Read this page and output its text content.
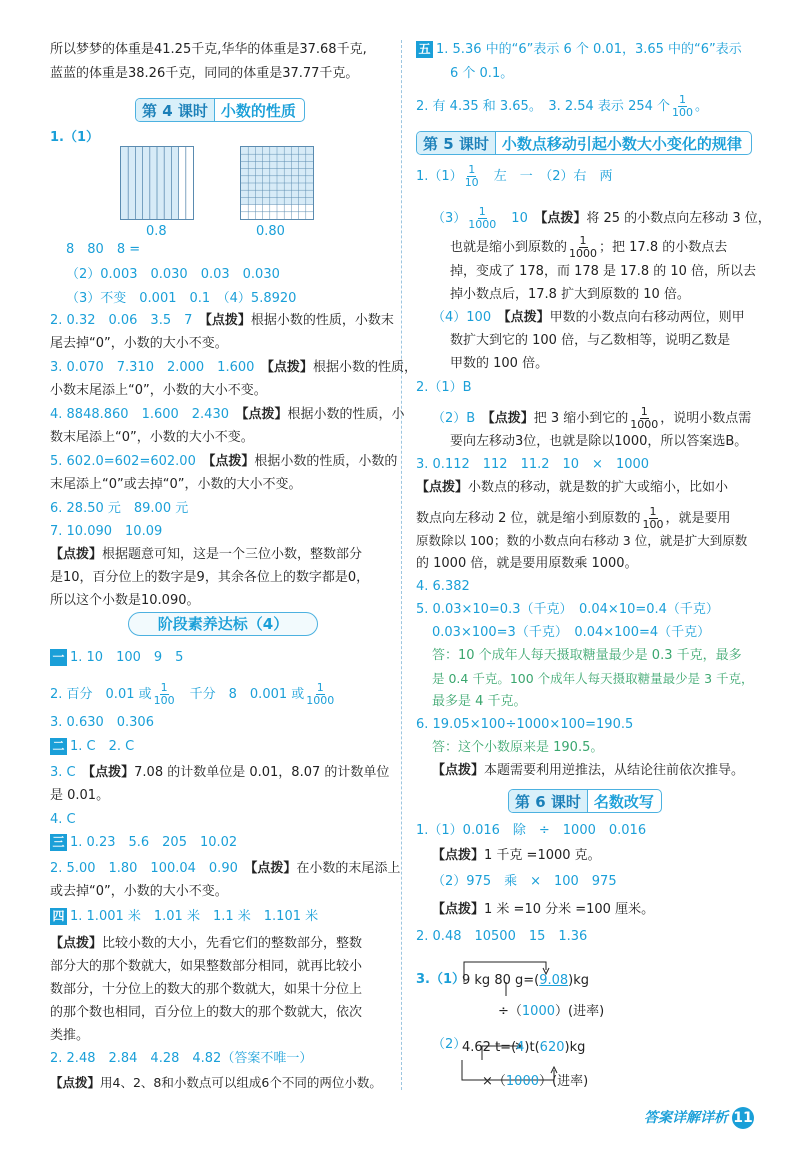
所以梦梦的体重是41.25千克,华华的体重是37.68千克,
蓝蓝的体重是38.26千克，同同的体重是37.77千克。
第 4 课时 小数的性质
1.（1）
0.8	0.80
8　80　8 =
（2）0.003　0.030　0.03　0.030
（3）不变　0.001　0.1　（4）5.8920
2. 0.32　0.06　3.5　7　 【点拨】根据小数的性质，小数末
尾去掉“0”，小数的大小不变。
3. 0.070　7.310　2.000　1.600　 【点拨】根据小数的性质，
小数末尾添上“0”，小数的大小不变。
4. 8848.860　1.600　2.430　 【点拨】根据小数的性质，小
数末尾添上“0”，小数的大小不变。
5. 602.0=602=602.00　 【点拨】根据小数的性质，小数的
末尾添上“0”或去掉“0”，小数的大小不变。
6. 28.50 元　89.00 元
7. 10.090　10.09
【点拨】根据题意可知，这是一个三位小数，整数部分
是10，百分位上的数字是9，其余各位上的数字都是0，
所以这个小数是10.090。
阶段素养达标（4）
一 1. 10　100　9　5
2. 百分　0.01 或 $\frac{1}{100}$
　 千分　8　0.001 或 $\frac{1}{1000}$
3. 0.630　0.306
二 1. C　2. C
3. C　 【点拨】7.08 的计数单位是 0.01，8.07 的计数单位
是 0.01。
4. C
三 1. 0.23　5.6　205　10.02
2. 5.00　1.80　100.04　0.90　 【点拨】在小数的末尾添上
或去掉“0”，小数的大小不变。
四 1. 1.001 米　1.01 米　1.1 米　1.101 米
【点拨】比较小数的大小，先看它们的整数部分，整数
部分大的那个数就大，如果整数部分相同，就再比较小
数部分，十分位上的数大的那个数就大，如果十分位上
的那个数也相同，百分位上的数大的那个数就大，依次
类推。
2. 2.48　2.84　4.28　4.82（答案不唯一）
【点拨】用4、2、8和小数点可以组成6个不同的两位小数。
五 1. 5.36 中的“6”表示 6 个 0.01，3.65 中的“6”表示
6 个 0.1。
2. 有 4.35 和 3.65。　3. 2.54 表示 254 个 $\frac{1}{100}$ 。
第 5 课时 小数点移动引起小数大小变化的规律
$1.(1) \frac{1}{10}$
　 左　一　（2）右　两
$(3) \frac{1}{1000}$
　 10　 【点拨】将 25 的小数点向左移动 3 位，
也就是缩小到原数的 $\frac{1}{1000}$ ；把 17.8 的小数点去
掉，变成了 178，而 178 是 17.8 的 10 倍，所以去
掉小数点后，17.8 扩大到原数的 10 倍。
（4）100　 【点拨】甲数的小数点向右移动两位，则甲
数扩大到它的 100 倍，与乙数相等，说明乙数是
甲数的 100 倍。
2.（1）B
（2）B　 【点拨】把 3 缩小到它的 $\frac{1}{1000}$ ，说明小数点需
要向左移动3位，也就是除以1000，所以答案选B。
3. 0.112　112　11.2　10　×　1000
【点拨】小数点的移动，就是数的扩大或缩小，比如小
数点向左移动 2 位，就是缩小到原数的 $\frac{1}{100}$ ，就是要用
原数除以 100；数的小数点向右移动 3 位，就是扩大到原数
的 1000 倍，就是要用原数乘 1000。
4. 6.382
5. 0.03×10=0.3（千克）　0.04×10=0.4（千克）
0.03×100=3（千克）　0.04×100=4（千克）
答：10 个成年人每天摄取糖量最少是 0.3 千克，最多
是 0.4 千克。100 个成年人每天摄取糖量最少是 3 千克，
最多是 4 千克。
6. 19.05×100÷1000×100=190.5
答：这个小数原来是 190.5。
【点拨】本题需要利用逆推法，从结论往前依次推导。
第 6 课时 名数改写
1.（1）0.016　除　÷　1000　0.016
【点拨】1 千克 =1000 克。
（2）975　乘　×　100　975
【点拨】1 米 =10 分米 =100 厘米。
2. 0.48　10500　15　1.36
3.（1）
9 kg 80 g=(9.08)kg
÷（1000）(进率)
（2）
4.62 t=(4)t(620)kg
×（1000）(进率)
答案详解详析 11
